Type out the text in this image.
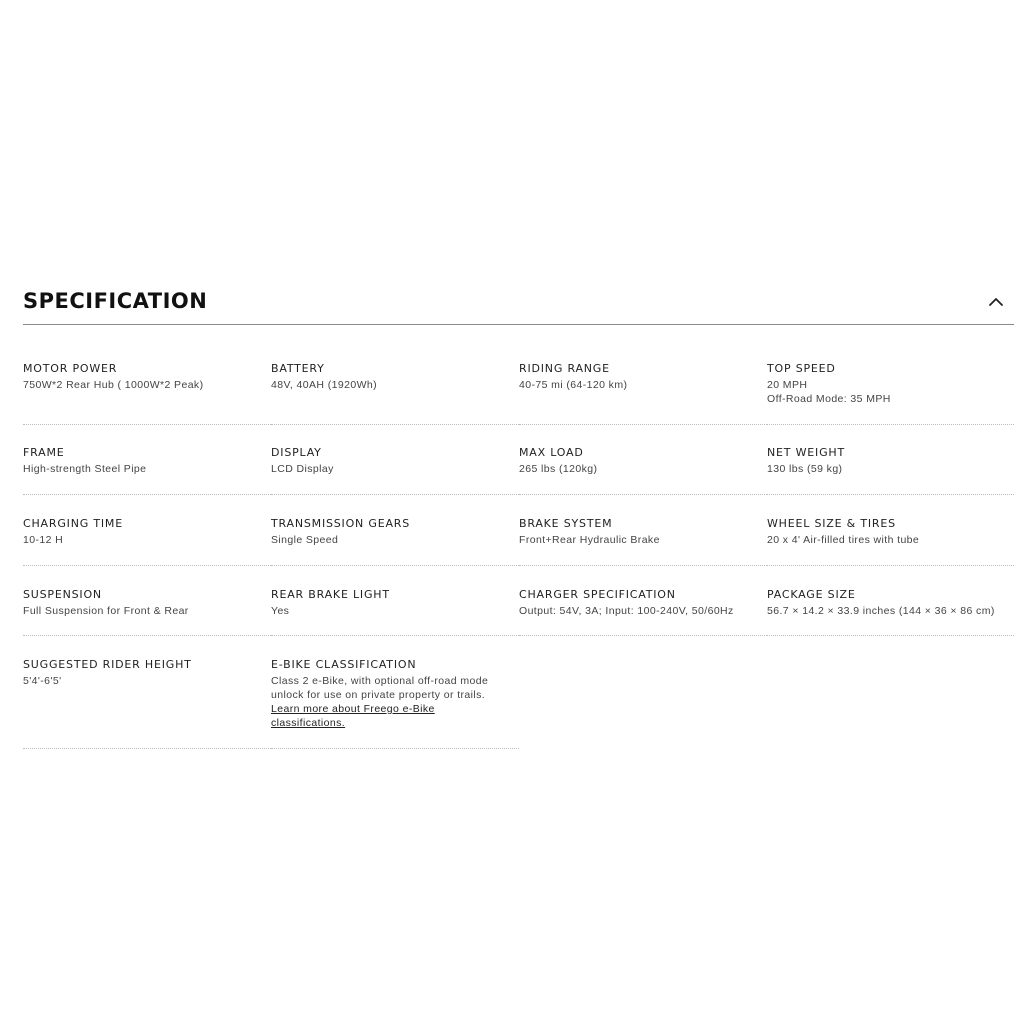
SPECIFICATION
MOTOR POWER
750W*2 Rear Hub ( 1000W*2 Peak)
BATTERY
48V, 40AH (1920Wh)
RIDING RANGE
40-75 mi (64-120 km)
TOP SPEED
20 MPH
Off-Road Mode: 35 MPH
FRAME
High-strength Steel Pipe
DISPLAY
LCD Display
MAX LOAD
265 lbs (120kg)
NET WEIGHT
130 lbs (59 kg)
CHARGING TIME
10-12 H
TRANSMISSION GEARS
Single Speed
BRAKE SYSTEM
Front+Rear Hydraulic Brake
WHEEL SIZE & TIRES
20 x 4' Air-filled tires with tube
SUSPENSION
Full Suspension for Front & Rear
REAR BRAKE LIGHT
Yes
CHARGER SPECIFICATION
Output: 54V, 3A; Input: 100-240V, 50/60Hz
PACKAGE SIZE
56.7 × 14.2 × 33.9 inches (144 × 36 × 86 cm)
SUGGESTED RIDER HEIGHT
5'4'-6'5'
E-BIKE CLASSIFICATION
Class 2 e-Bike, with optional off-road mode unlock for use on private property or trails. Learn more about Freego e-Bike classifications.
